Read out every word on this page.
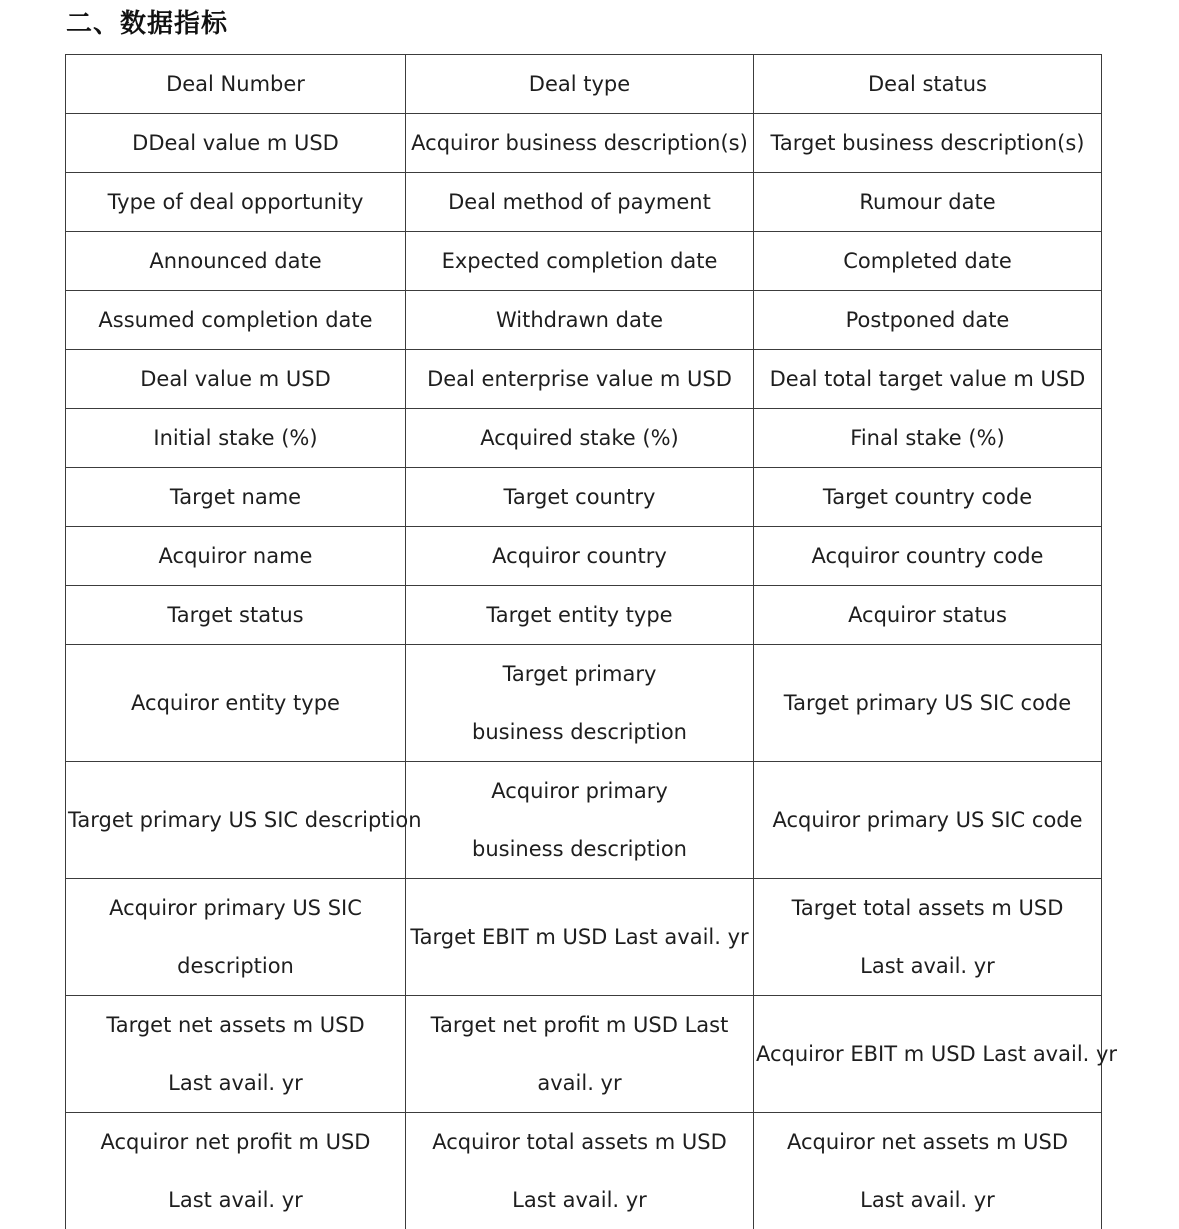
二、数据指标
Deal Number	Deal type	Deal status
DDeal value m USD	Acquiror business description(s)	Target business description(s)
Type of deal opportunity	Deal method of payment	Rumour date
Announced date	Expected completion date	Completed date
Assumed completion date	Withdrawn date	Postponed date
Deal value m USD	Deal enterprise value m USD	Deal total target value m USD
Initial stake (%)	Acquired stake (%)	Final stake (%)
Target name	Target country	Target country code
Acquiror name	Acquiror country	Acquiror country code
Target status	Target entity type	Acquiror status
Acquiror entity type	Target primary business description	Target primary US SIC code
Target primary US SIC description	Acquiror primary business description	Acquiror primary US SIC code
Acquiror primary US SIC description	Target EBIT m USD Last avail. yr	Target total assets m USD Last avail. yr
Target net assets m USD Last avail. yr	Target net profit m USD Last avail. yr	Acquiror EBIT m USD Last avail. yr
Acquiror net profit m USD Last avail. yr	Acquiror total assets m USD Last avail. yr	Acquiror net assets m USD Last avail. yr
